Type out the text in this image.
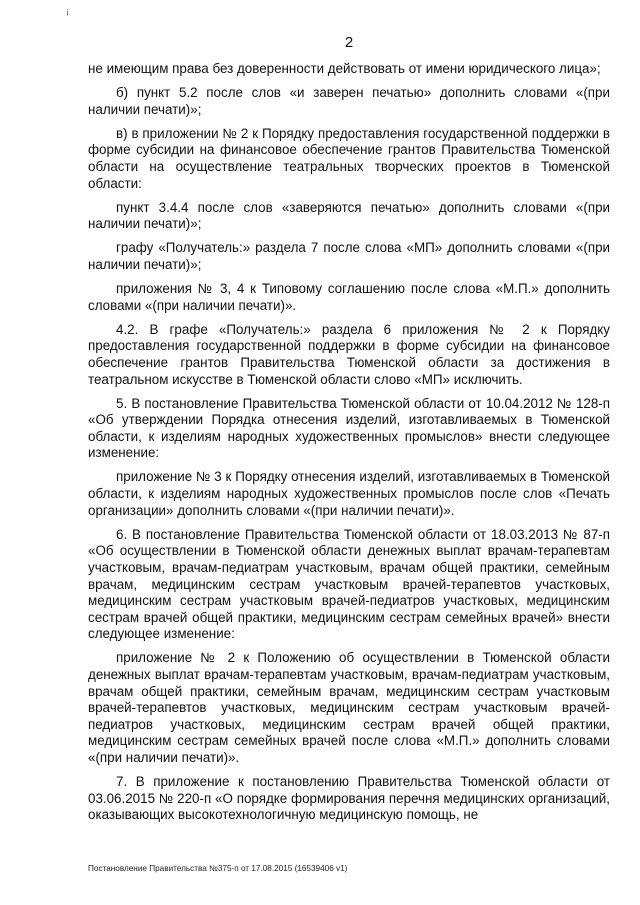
¡
2

не имеющим права без доверенности действовать от имени юридического лица»;

б) пункт 5.2 после слов «и заверен печатью» дополнить словами «(при наличии печати)»;

в) в приложении № 2 к Порядку предоставления государственной поддержки в форме субсидии на финансовое обеспечение грантов Правительства Тюменской области на осуществление театральных творческих проектов в Тюменской области:

пункт 3.4.4 после слов «заверяются печатью» дополнить словами «(при наличии печати)»;

графу «Получатель:» раздела 7 после слова «МП» дополнить словами «(при наличии печати)»;

приложения № 3, 4 к Типовому соглашению после слова «М.П.» дополнить словами «(при наличии печати)».

4.2. В графе «Получатель:» раздела 6 приложения № 2 к Порядку предоставления государственной поддержки в форме субсидии на финансовое обеспечение грантов Правительства Тюменской области за достижения в театральном искусстве в Тюменской области слово «МП» исключить.

5. В постановление Правительства Тюменской области от 10.04.2012 № 128-п «Об утверждении Порядка отнесения изделий, изготавливаемых в Тюменской области, к изделиям народных художественных промыслов» внести следующее изменение:

приложение № 3 к Порядку отнесения изделий, изготавливаемых в Тюменской области, к изделиям народных художественных промыслов после слов «Печать организации» дополнить словами «(при наличии печати)».

6. В постановление Правительства Тюменской области от 18.03.2013 № 87-п «Об осуществлении в Тюменской области денежных выплат врачам-терапевтам участковым, врачам-педиатрам участковым, врачам общей практики, семейным врачам, медицинским сестрам участковым врачей-терапевтов участковых, медицинским сестрам участковым врачей-педиатров участковых, медицинским сестрам врачей общей практики, медицинским сестрам семейных врачей» внести следующее изменение:

приложение № 2 к Положению об осуществлении в Тюменской области денежных выплат врачам-терапевтам участковым, врачам-педиатрам участковым, врачам общей практики, семейным врачам, медицинским сестрам участковым врачей-терапевтов участковых, медицинским сестрам участковым врачей-педиатров участковых, медицинским сестрам врачей общей практики, медицинским сестрам семейных врачей после слова «М.П.» дополнить словами «(при наличии печати)».

7. В приложение к постановлению Правительства Тюменской области от 03.06.2015 № 220-п «О порядке формирования перечня медицинских организаций, оказывающих высокотехнологичную медицинскую помощь, не

Постановление Правительства №375-п от 17.08.2015 (16539406 v1)
